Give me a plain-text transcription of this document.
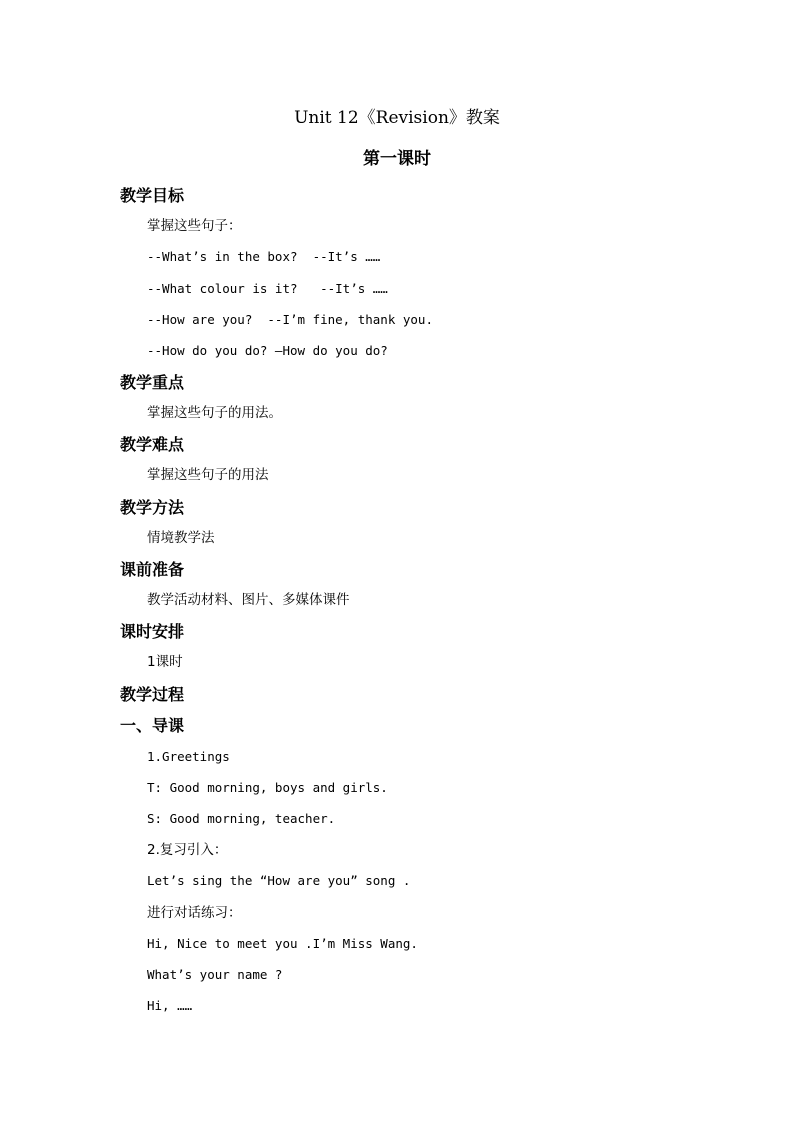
Unit 12《Revision》教案
第一课时
教学目标
掌握这些句子：
--What’s in the box?  --It’s ……
--What colour is it?   --It’s ……
--How are you?  --I’m fine, thank you.
--How do you do? –How do you do?
教学重点
掌握这些句子的用法。
教学难点
掌握这些句子的用法
教学方法
情境教学法
课前准备
教学活动材料、图片、多媒体课件
课时安排
1课时
教学过程
一、导课
1.Greetings
T: Good morning, boys and girls.
S: Good morning, teacher.
2.复习引入：
Let’s sing the “How are you” song .
进行对话练习：
Hi, Nice to meet you .I’m Miss Wang.
What’s your name ?
Hi, ……
